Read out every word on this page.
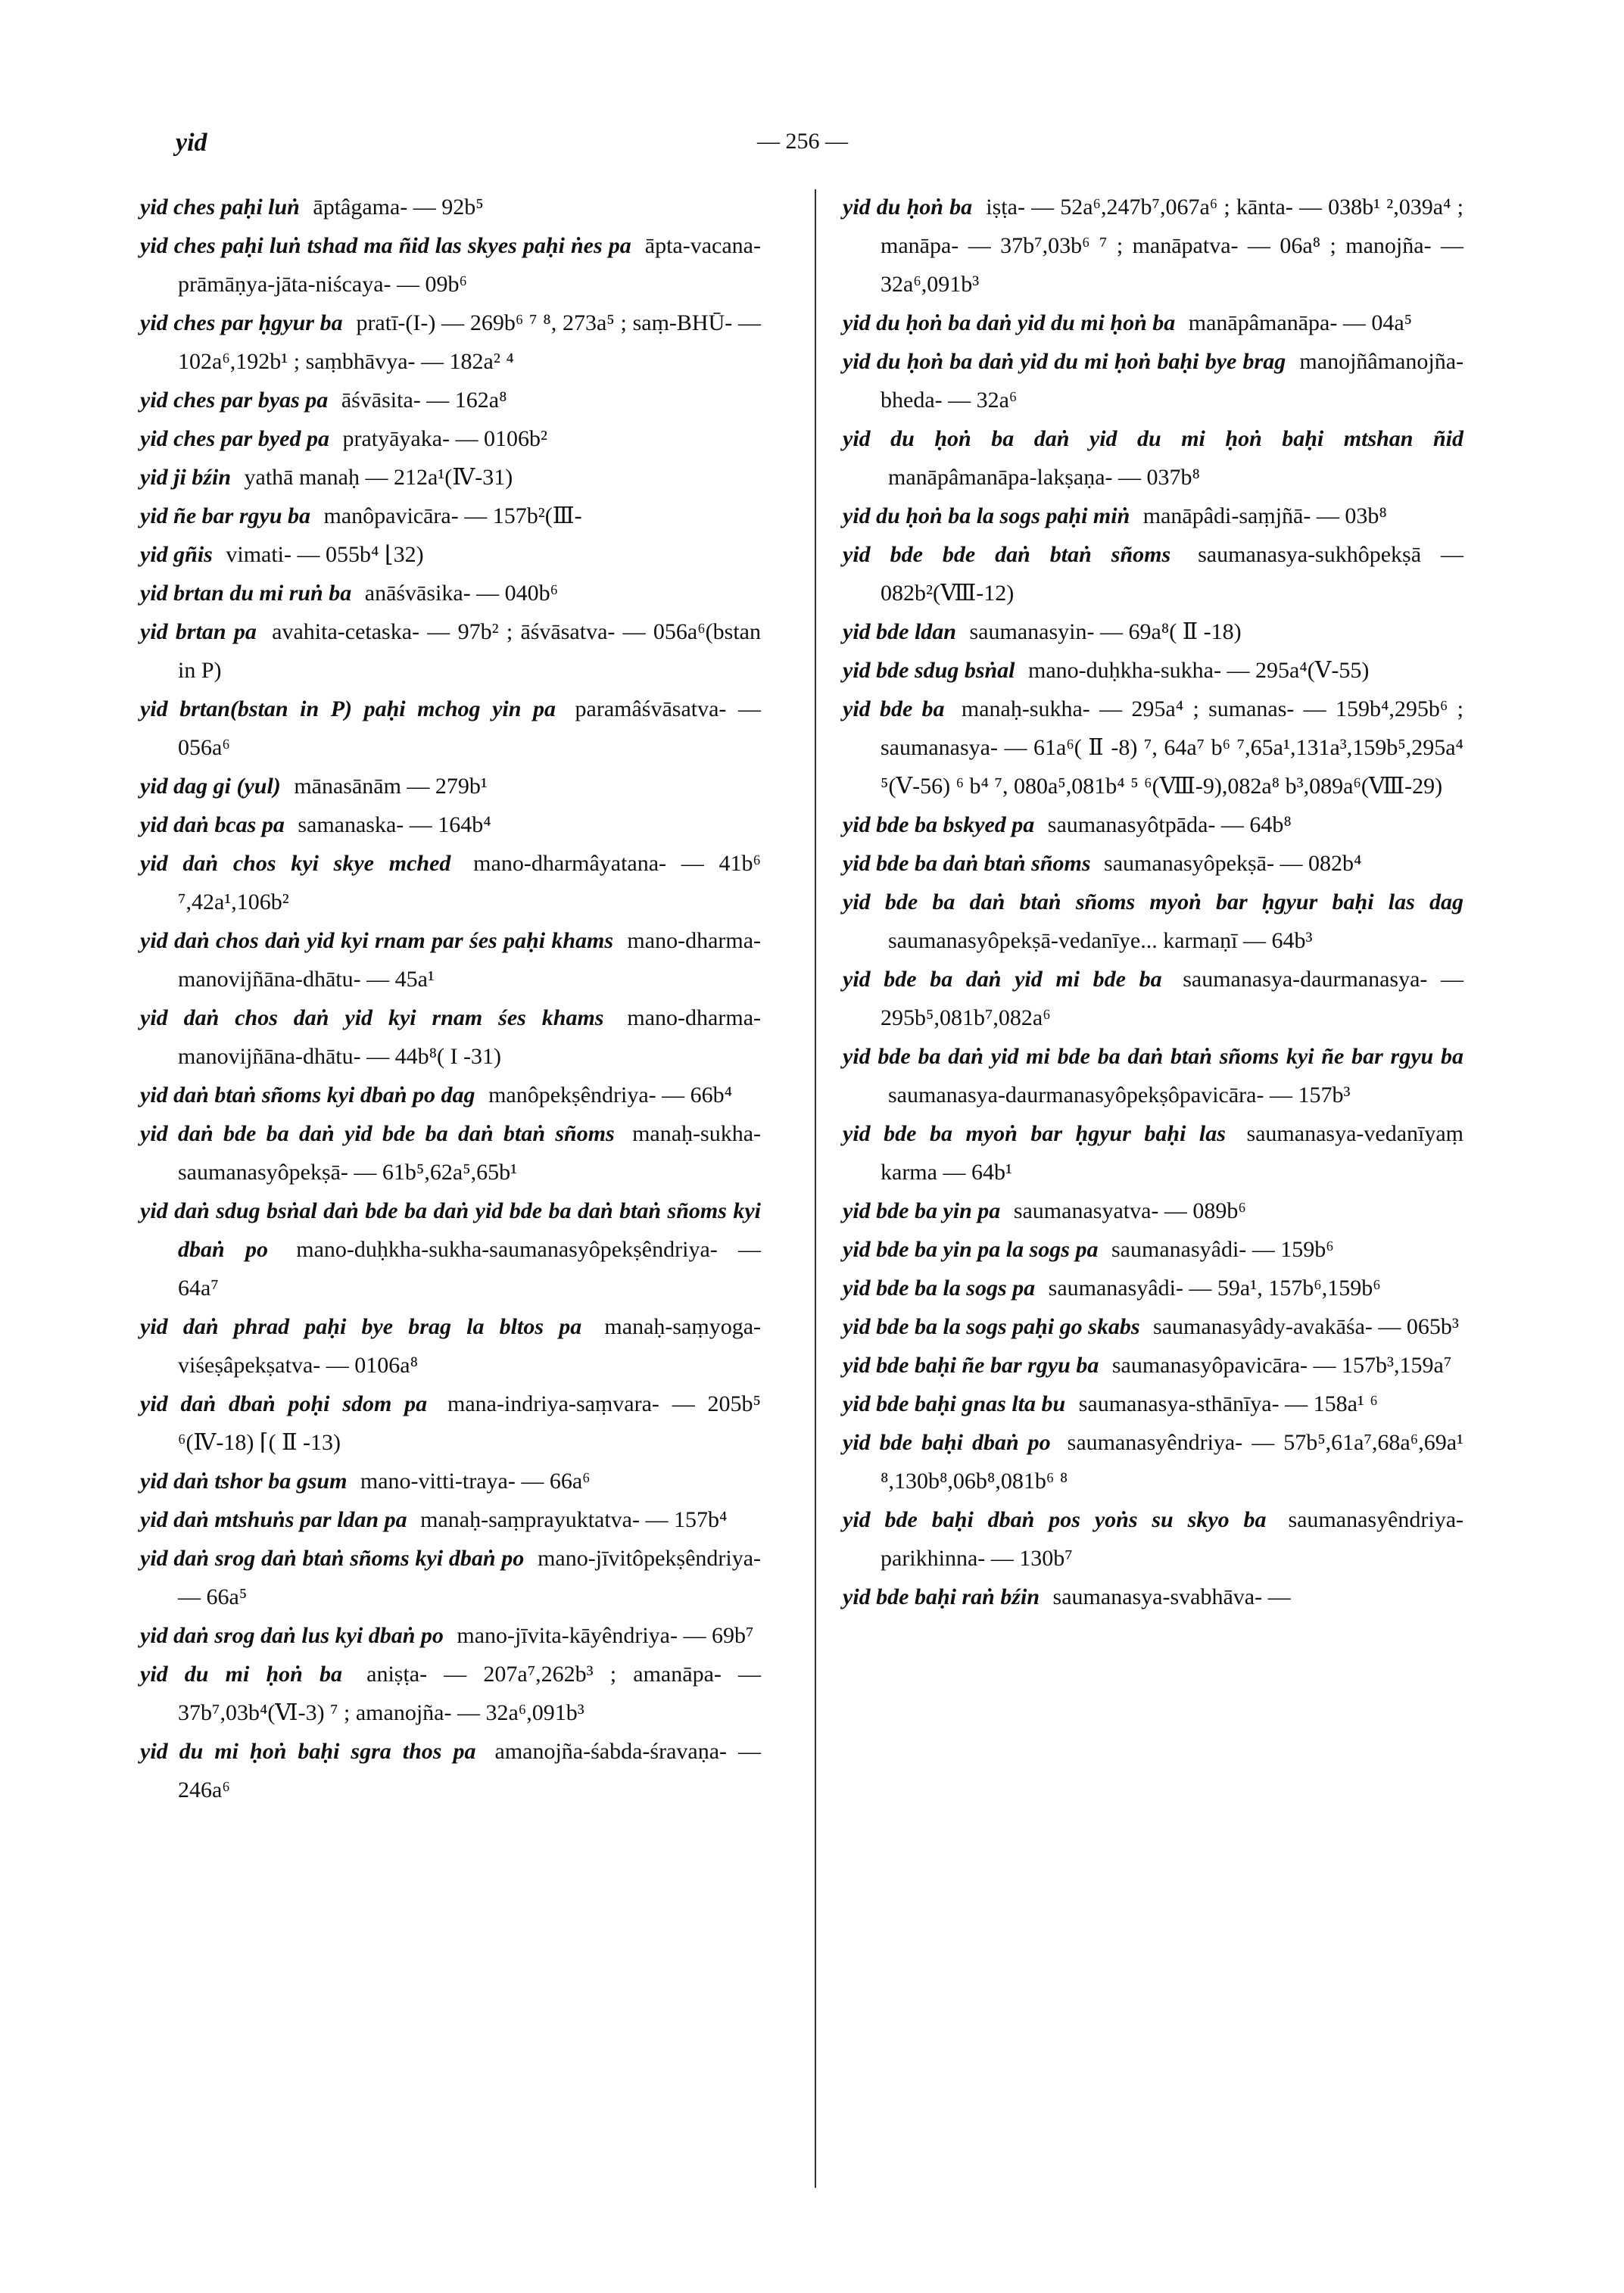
yid	— 256 —

yid ches paḥi luṅ āptâgama- — 92b⁵

yid ches paḥi luṅ tshad ma ñid las skyes paḥi ṅes pa āpta-vacana-prāmāṇya-jāta-niścaya- — 09b⁶

yid ches par ḥgyur ba pratī-(I-) — 269b⁶ ⁷ ⁸, 273a⁵ ; saṃ-BHŪ- — 102a⁶,192b¹ ; saṃbhāvya- — 182a² ⁴

yid ches par byas pa āśvāsita- — 162a⁸

yid ches par byed pa pratyāyaka- — 0106b²

yid ji bźin yathā manaḥ — 212a¹(Ⅳ-31)

yid ñe bar rgyu ba manôpavicāra- — 157b²(Ⅲ-

yid gñis vimati- — 055b⁴ ⌊32)

yid brtan du mi ruṅ ba anāśvāsika- — 040b⁶

yid brtan pa avahita-cetaska- — 97b² ; āśvāsatva- — 056a⁶(bstan in P)

yid brtan(bstan in P) paḥi mchog yin pa paramâśvāsatva- — 056a⁶

yid dag gi (yul) mānasānām — 279b¹

yid daṅ bcas pa samanaska- — 164b⁴

yid daṅ chos kyi skye mched mano-dharmâyatana- — 41b⁶ ⁷,42a¹,106b²

yid daṅ chos daṅ yid kyi rnam par śes paḥi khams mano-dharma-manovijñāna-dhātu- — 45a¹

yid daṅ chos daṅ yid kyi rnam śes khams mano-dharma-manovijñāna-dhātu- — 44b⁸( I -31)

yid daṅ btaṅ sñoms kyi dbaṅ po dag manôpekṣêndriya- — 66b⁴

yid daṅ bde ba daṅ yid bde ba daṅ btaṅ sñoms manaḥ-sukha-saumanasyôpekṣā- — 61b⁵,62a⁵,65b¹

yid daṅ sdug bsṅal daṅ bde ba daṅ yid bde ba daṅ btaṅ sñoms kyi dbaṅ po mano-duḥkha-sukha-saumanasyôpekṣêndriya- — 64a⁷

yid daṅ phrad paḥi bye brag la bltos pa manaḥ-saṃyoga-viśeṣâpekṣatva- — 0106a⁸

yid daṅ dbaṅ poḥi sdom pa mana-indriya-saṃvara- — 205b⁵ ⁶(Ⅳ-18) ⌈( Ⅱ -13)

yid daṅ tshor ba gsum mano-vitti-traya- — 66a⁶

yid daṅ mtshuṅs par ldan pa manaḥ-saṃprayuktatva- — 157b⁴

yid daṅ srog daṅ btaṅ sñoms kyi dbaṅ po mano-jīvitôpekṣêndriya- — 66a⁵

yid daṅ srog daṅ lus kyi dbaṅ po mano-jīvita-kāyêndriya- — 69b⁷

yid du mi ḥoṅ ba aniṣṭa- — 207a⁷,262b³ ; amanāpa- — 37b⁷,03b⁴(Ⅵ-3) ⁷ ; amanojña- — 32a⁶,091b³

yid du mi ḥoṅ baḥi sgra thos pa amanojña-śabda-śravaṇa- — 246a⁶

yid du ḥoṅ ba iṣṭa- — 52a⁶,247b⁷,067a⁶ ; kānta- — 038b¹ ²,039a⁴ ; manāpa- — 37b⁷,03b⁶ ⁷ ; manāpatva- — 06a⁸ ; manojña- — 32a⁶,091b³

yid du ḥoṅ ba daṅ yid du mi ḥoṅ ba manāpâmanāpa- — 04a⁵

yid du ḥoṅ ba daṅ yid du mi ḥoṅ baḥi bye brag manojñâmanojña-bheda- — 32a⁶

yid du ḥoṅ ba daṅ yid du mi ḥoṅ baḥi mtshan ñid manāpâmanāpa-lakṣaṇa- — 037b⁸

yid du ḥoṅ ba la sogs paḥi miṅ manāpâdi-saṃjñā- — 03b⁸

yid bde bde daṅ btaṅ sñoms saumanasya-sukhôpekṣā — 082b²(Ⅷ-12)

yid bde ldan saumanasyin- — 69a⁸( Ⅱ -18)

yid bde sdug bsṅal mano-duḥkha-sukha- — 295a⁴(Ⅴ-55)

yid bde ba manaḥ-sukha- — 295a⁴ ; sumanas- — 159b⁴,295b⁶ ; saumanasya- — 61a⁶( Ⅱ -8) ⁷, 64a⁷ b⁶ ⁷,65a¹,131a³,159b⁵,295a⁴ ⁵(Ⅴ-56) ⁶ b⁴ ⁷, 080a⁵,081b⁴ ⁵ ⁶(Ⅷ-9),082a⁸ b³,089a⁶(Ⅷ-29)

yid bde ba bskyed pa saumanasyôtpāda- — 64b⁸

yid bde ba daṅ btaṅ sñoms saumanasyôpekṣā- — 082b⁴

yid bde ba daṅ btaṅ sñoms myoṅ bar ḥgyur baḥi las dag saumanasyôpekṣā-vedanīye... karmaṇī — 64b³

yid bde ba daṅ yid mi bde ba saumanasya-daurmanasya- — 295b⁵,081b⁷,082a⁶

yid bde ba daṅ yid mi bde ba daṅ btaṅ sñoms kyi ñe bar rgyu ba saumanasya-daurmanasyôpekṣôpavicāra- — 157b³

yid bde ba myoṅ bar ḥgyur baḥi las saumanasya-vedanīyaṃ karma — 64b¹

yid bde ba yin pa saumanasyatva- — 089b⁶

yid bde ba yin pa la sogs pa saumanasyâdi- — 159b⁶

yid bde ba la sogs pa saumanasyâdi- — 59a¹, 157b⁶,159b⁶

yid bde ba la sogs paḥi go skabs saumanasyâdy-avakāśa- — 065b³

yid bde baḥi ñe bar rgyu ba saumanasyôpavicāra- — 157b³,159a⁷

yid bde baḥi gnas lta bu saumanasya-sthānīya- — 158a¹ ⁶

yid bde baḥi dbaṅ po saumanasyêndriya- — 57b⁵,61a⁷,68a⁶,69a¹ ⁸,130b⁸,06b⁸,081b⁶ ⁸

yid bde baḥi dbaṅ pos yoṅs su skyo ba saumanasyêndriya-parikhinna- — 130b⁷

yid bde baḥi raṅ bźin saumanasya-svabhāva- —
